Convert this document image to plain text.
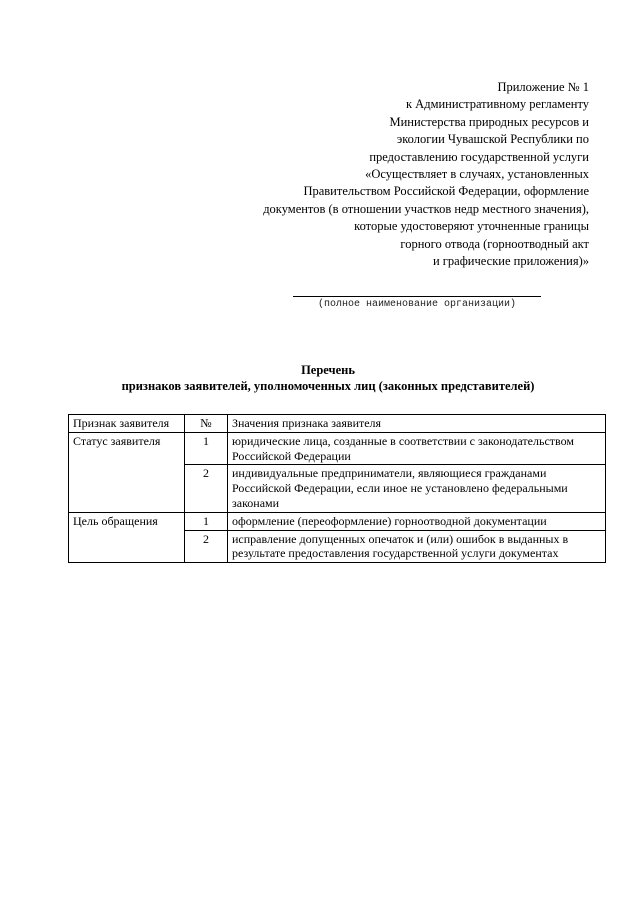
Приложение № 1
к Административному регламенту
Министерства природных ресурсов и
экологии Чувашской Республики по
предоставлению государственной услуги
«Осуществляет в случаях, установленных
Правительством Российской Федерации, оформление
документов (в отношении участков недр местного значения),
которые удостоверяют уточненные границы
горного отвода (горноотводный акт
и графические приложения)»
(полное наименование организации)
Перечень
признаков заявителей, уполномоченных лиц (законных представителей)
Признак заявителя	№	Значения признака заявителя
Статус заявителя	1	юридические лица, созданные в соответствии с законодательством Российской Федерации
	2	индивидуальные предприниматели, являющиеся гражданами Российской Федерации, если иное не установлено федеральными законами
Цель обращения	1	оформление (переоформление) горноотводной документации
	2	исправление допущенных опечаток и (или) ошибок в выданных в результате предоставления государственной услуги документах
